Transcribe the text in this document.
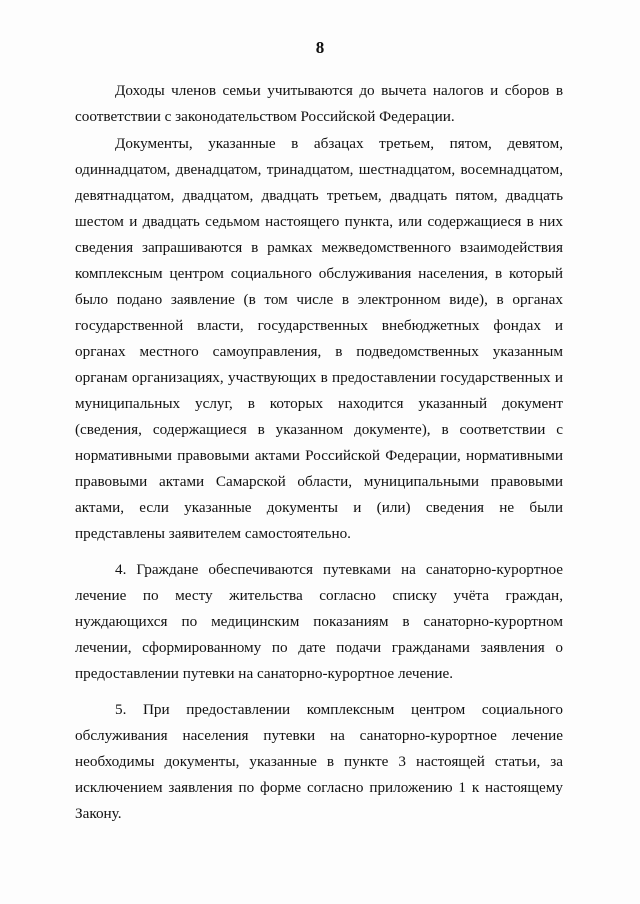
8

Доходы членов семьи учитываются до вычета налогов и сборов в соответствии с законодательством Российской Федерации.

Документы, указанные в абзацах третьем, пятом, девятом, одиннадцатом, двенадцатом, тринадцатом, шестнадцатом, восемнадцатом, девятнадцатом, двадцатом, двадцать третьем, двадцать пятом, двадцать шестом и двадцать седьмом настоящего пункта, или содержащиеся в них сведения запрашиваются в рамках межведомственного взаимодействия комплексным центром социального обслуживания населения, в который было подано заявление (в том числе в электронном виде), в органах государственной власти, государственных внебюджетных фондах и органах местного самоуправления, в подведомственных указанным органам организациях, участвующих в предоставлении государственных и муниципальных услуг, в которых находится указанный документ (сведения, содержащиеся в указанном документе), в соответствии с нормативными правовыми актами Российской Федерации, нормативными правовыми актами Самарской области, муниципальными правовыми актами, если указанные документы и (или) сведения не были представлены заявителем самостоятельно.

4. Граждане обеспечиваются путевками на санаторно-курортное лечение по месту жительства согласно списку учёта граждан, нуждающихся по медицинским показаниям в санаторно-курортном лечении, сформированному по дате подачи гражданами заявления о предоставлении путевки на санаторно-курортное лечение.

5. При предоставлении комплексным центром социального обслуживания населения путевки на санаторно-курортное лечение необходимы документы, указанные в пункте 3 настоящей статьи, за исключением заявления по форме согласно приложению 1 к настоящему Закону.
